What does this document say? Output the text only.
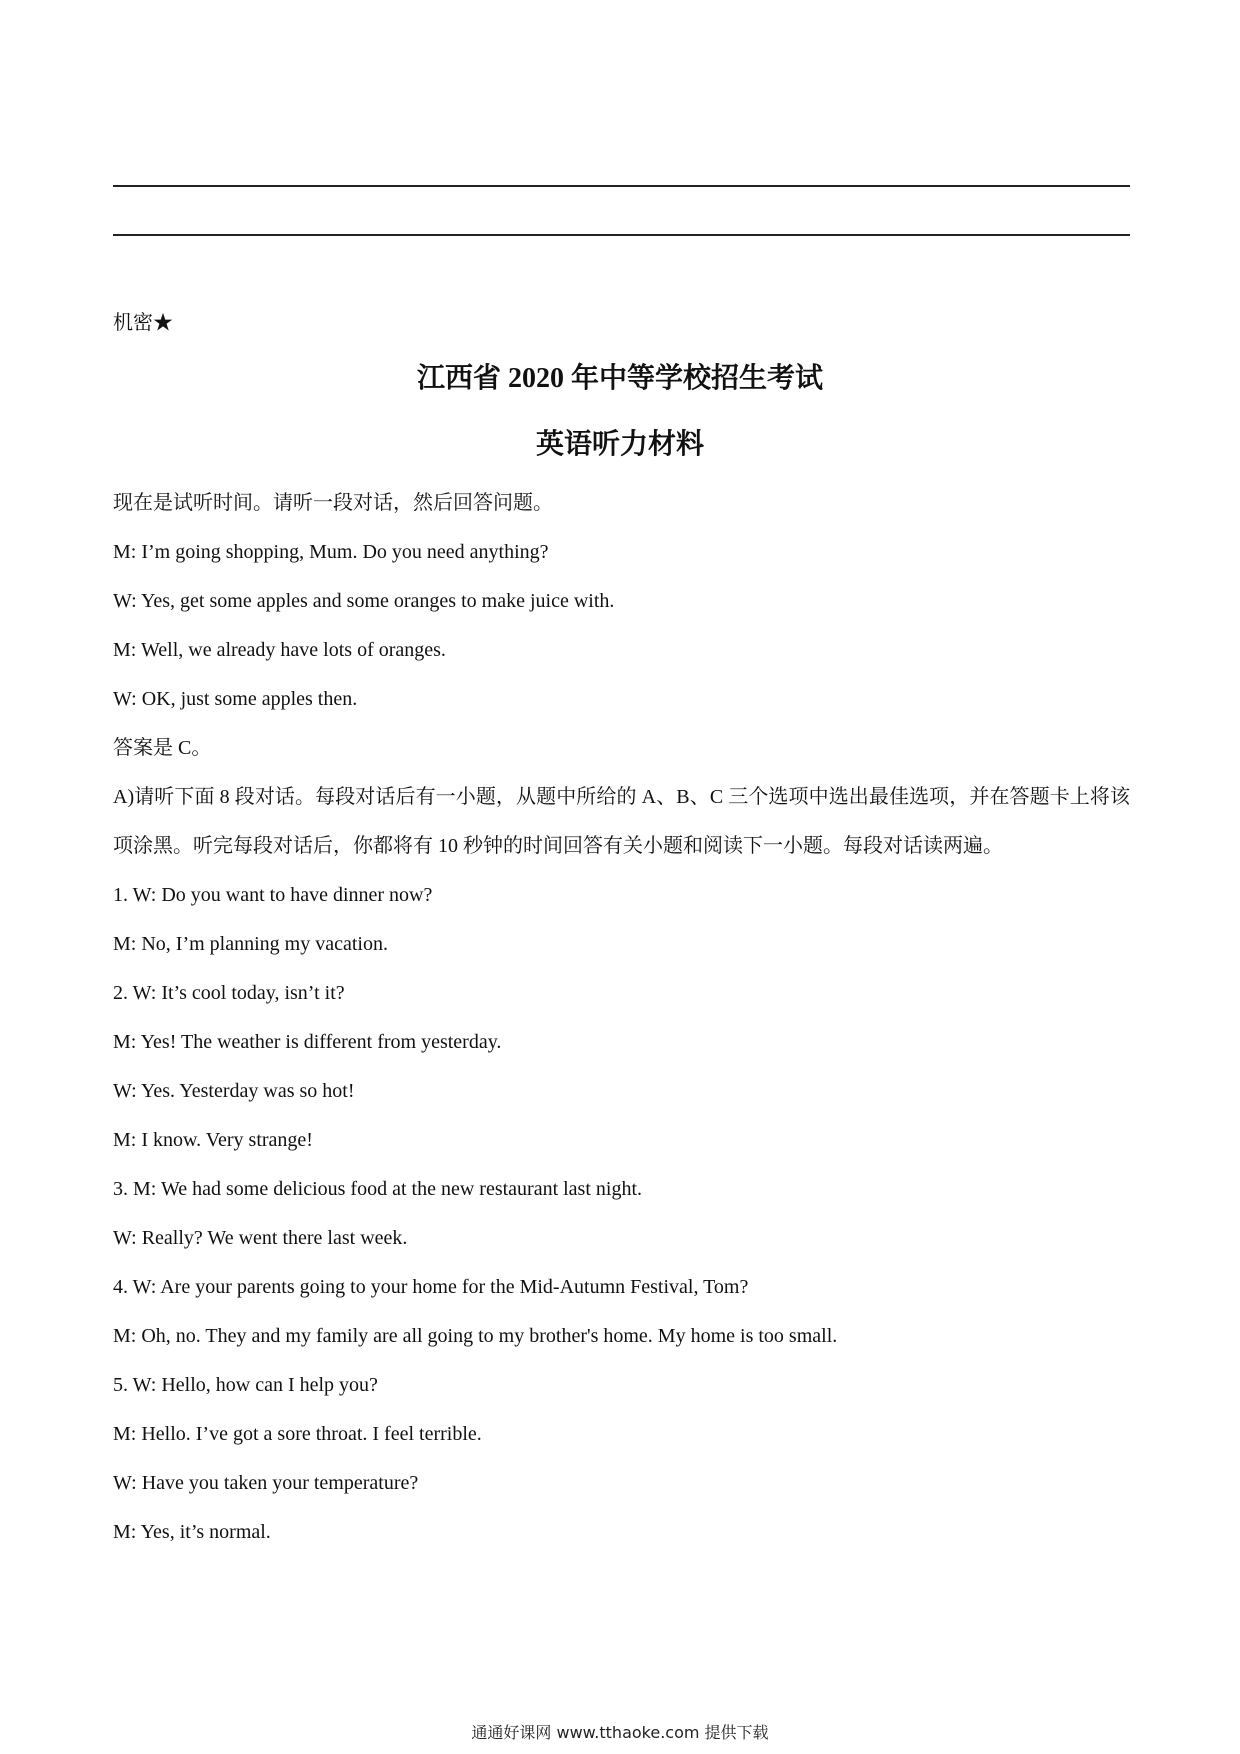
机密★
江西省 2020 年中等学校招生考试
英语听力材料

现在是试听时间。请听一段对话，然后回答问题。

M: I’m going shopping, Mum. Do you need anything?

W: Yes, get some apples and some oranges to make juice with.

M: Well, we already have lots of oranges.

W: OK, just some apples then.

答案是 C。

A)请听下面 8 段对话。每段对话后有一小题，从题中所给的 A、B、C 三个选项中选出最佳选项，并在答题卡上将该项涂黑。听完每段对话后，你都将有 10 秒钟的时间回答有关小题和阅读下一小题。每段对话读两遍。

1. W: Do you want to have dinner now?

M: No, I’m planning my vacation.

2. W: It’s cool today, isn’t it?

M: Yes! The weather is different from yesterday.

W: Yes. Yesterday was so hot!

M: I know. Very strange!

3. M: We had some delicious food at the new restaurant last night.

W: Really? We went there last week.

4. W: Are your parents going to your home for the Mid-Autumn Festival, Tom?

M: Oh, no. They and my family are all going to my brother's home. My home is too small.

5. W: Hello, how can I help you?

M: Hello. I’ve got a sore throat. I feel terrible.

W: Have you taken your temperature?

M: Yes, it’s normal.

通通好课网 www.tthaoke.com 提供下载
